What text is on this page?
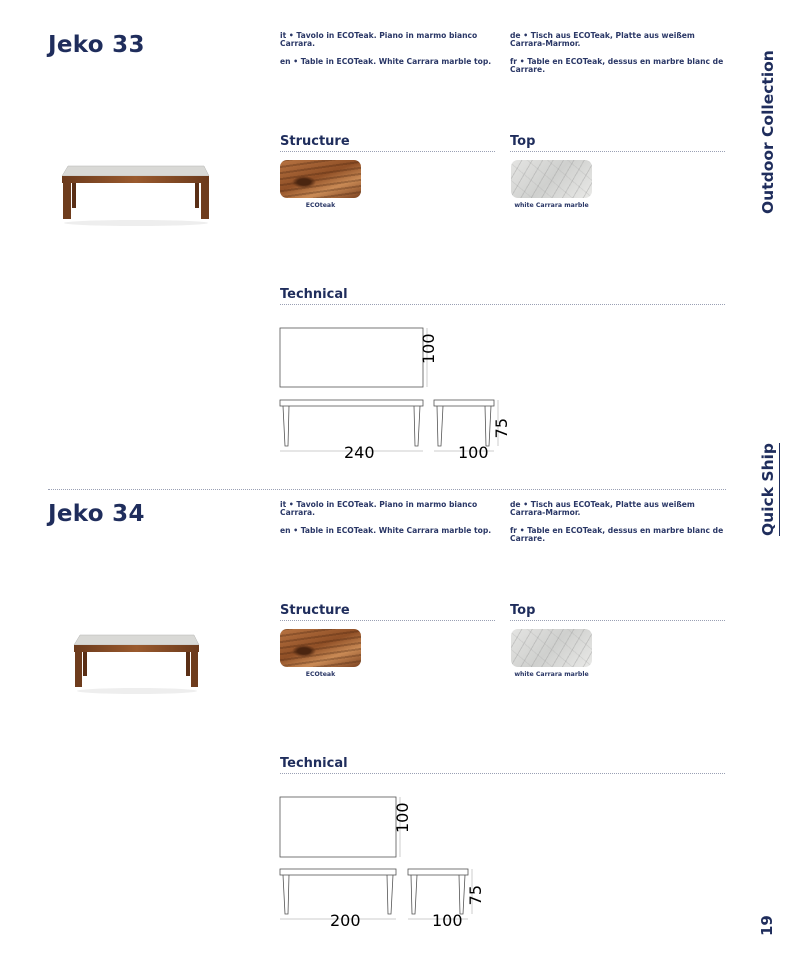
Jeko 33	it • Tavolo in ECOTeak. Piano in marmo bianco Carrara.

en • Table in ECOTeak. White Carrara marble top.

de • Tisch aus ECOTeak, Platte aus weißem Carrara-Marmor.

fr • Table en ECOTeak, dessus en marbre blanc de Carrare.

Structure	Top
ECOteak	white Carrara marble
Technical
100
240
75
100
Jeko 34	it • Tavolo in ECOTeak. Piano in marmo bianco Carrara.

en • Table in ECOTeak. White Carrara marble top.

de • Tisch aus ECOTeak, Platte aus weißem Carrara-Marmor.

fr • Table en ECOTeak, dessus en marbre blanc de Carrare.

Structure	Top
ECOteak	white Carrara marble
Technical
100
200
75
100
Outdoor Collection
Quick Ship
19
